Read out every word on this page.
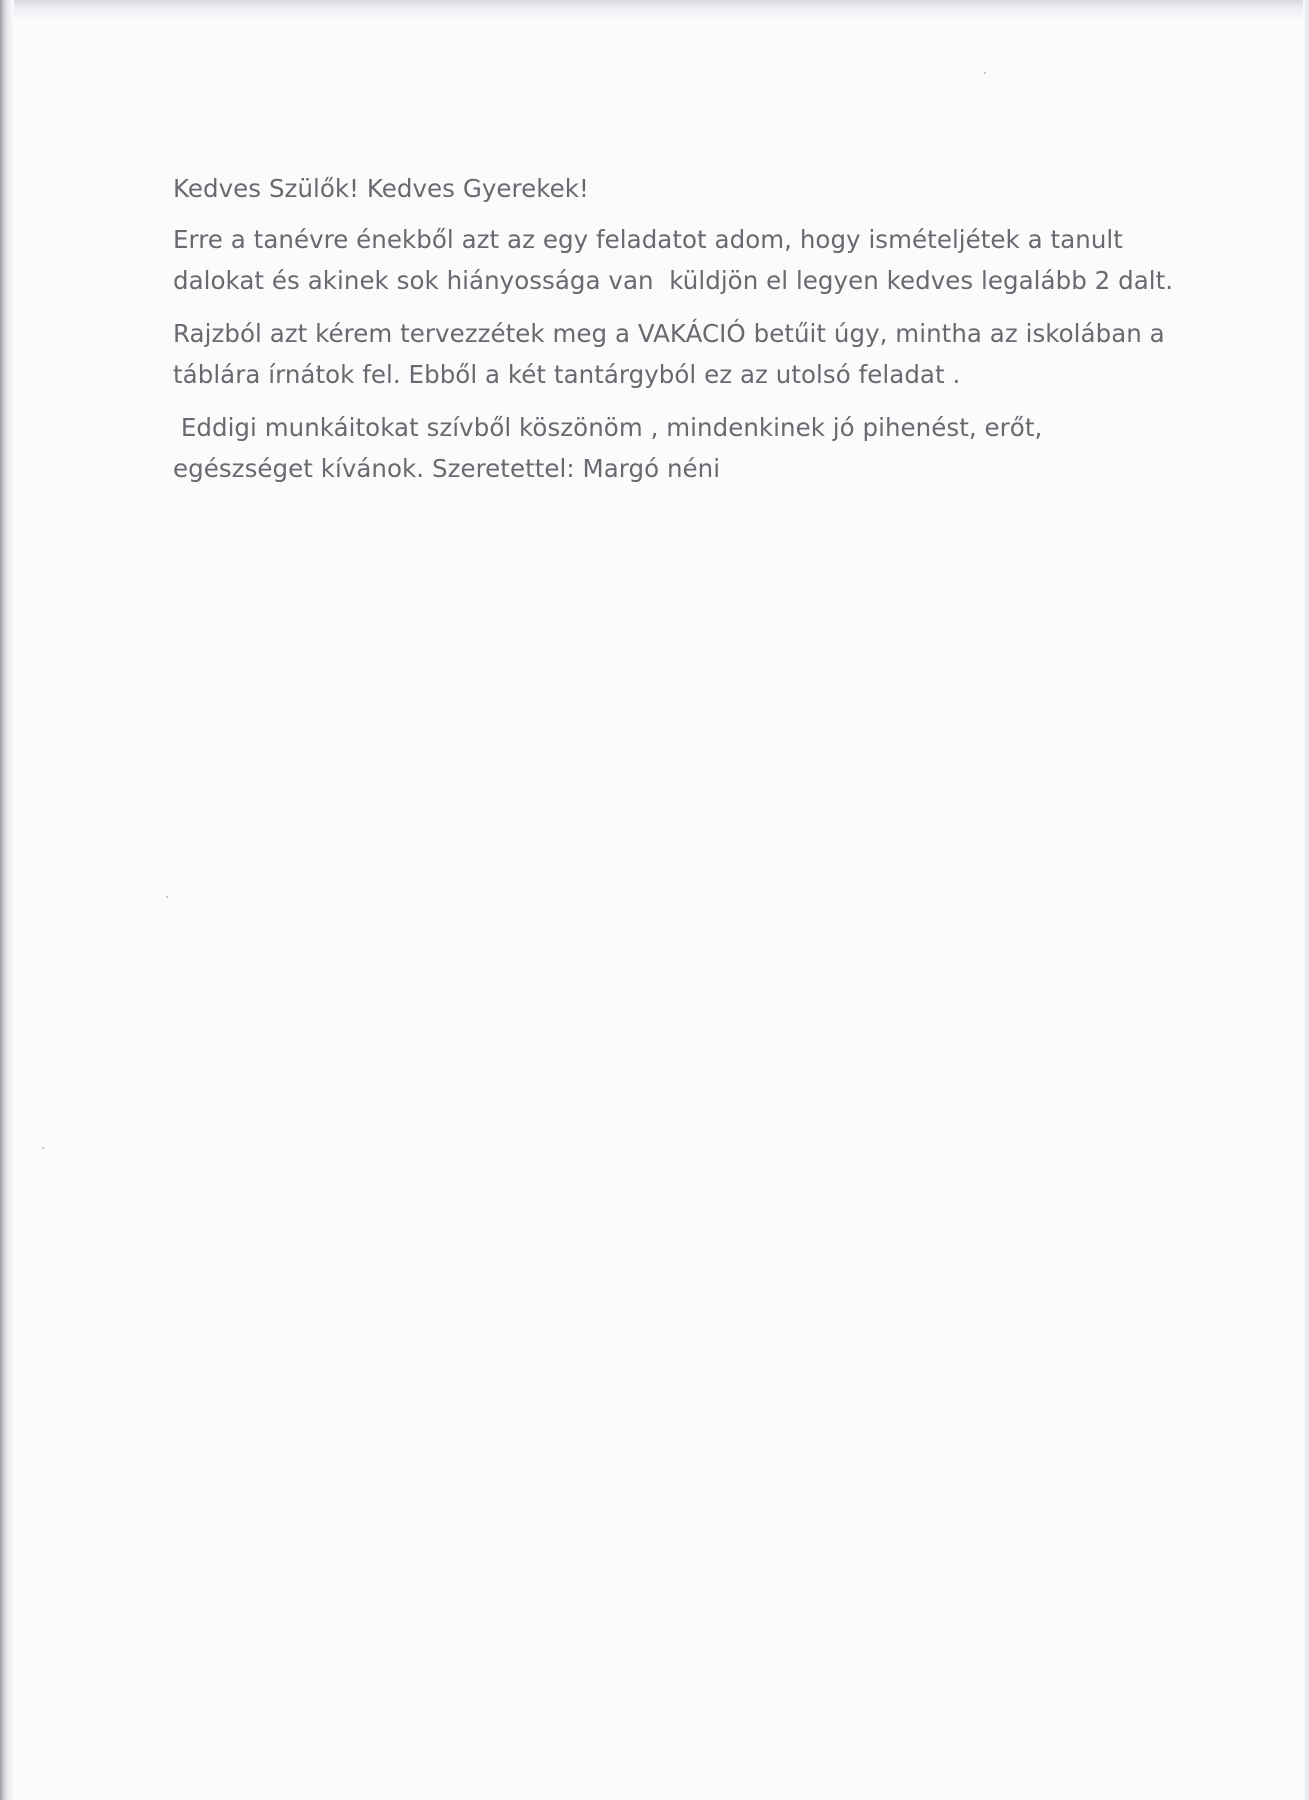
Kedves Szülők! Kedves Gyerekek!

Erre a tanévre énekből azt az egy feladatot adom, hogy ismételjétek a tanult
dalokat és akinek sok hiányossága van  küldjön el legyen kedves legalább 2 dalt.

Rajzból azt kérem tervezzétek meg a VAKÁCIÓ betűit úgy, mintha az iskolában a
táblára írnátok fel. Ebből a két tantárgyból ez az utolsó feladat .

Eddigi munkáitokat szívből köszönöm , mindenkinek jó pihenést, erőt,
egészséget kívánok. Szeretettel: Margó néni
